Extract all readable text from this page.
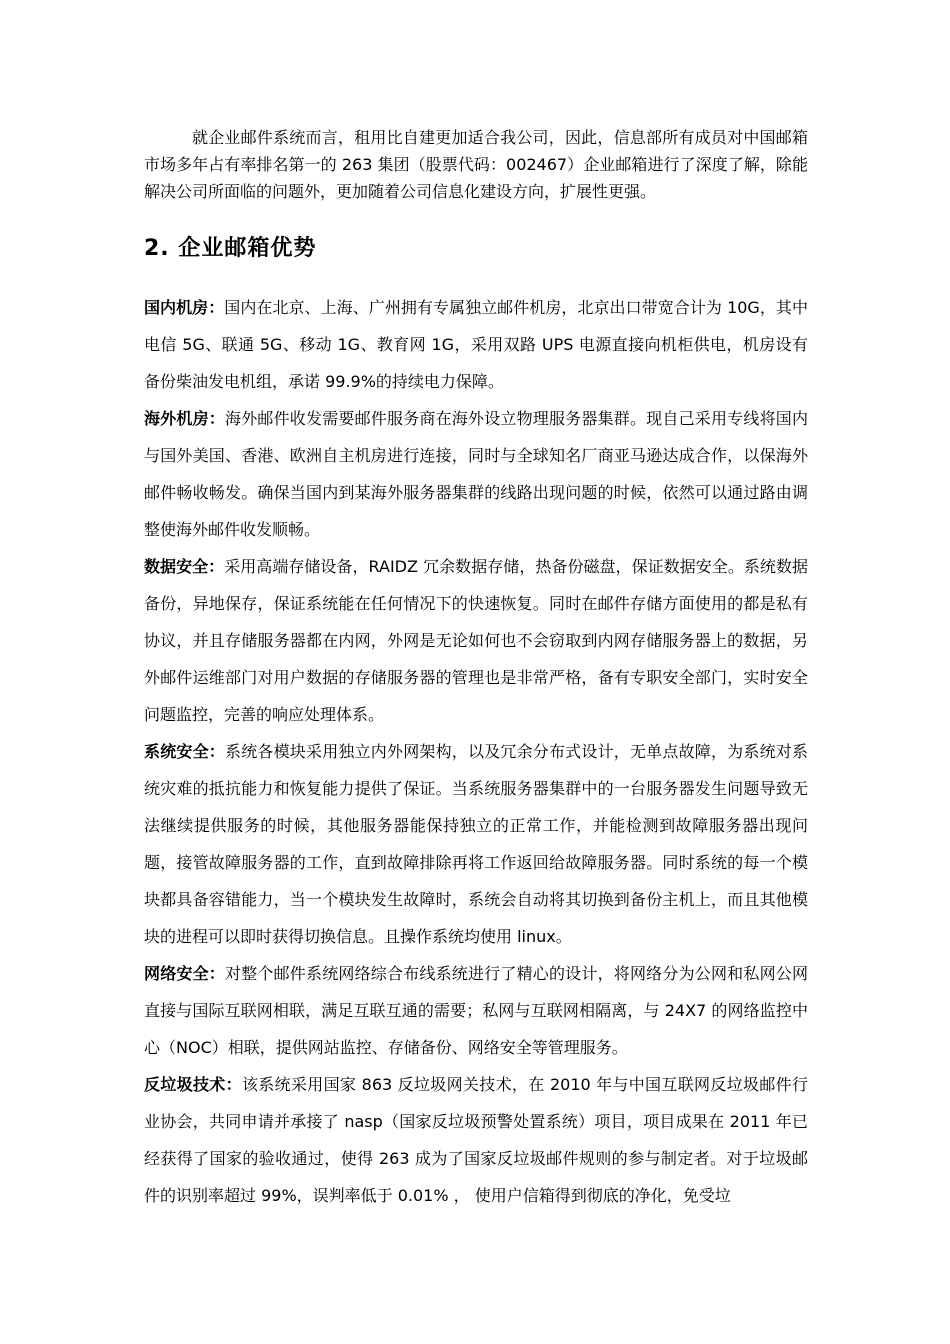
就企业邮件系统而言，租用比自建更加适合我公司，因此，信息部所有成员对中国邮箱市场多年占有率排名第一的 263 集团（股票代码：002467）企业邮箱进行了深度了解，除能解决公司所面临的问题外，更加随着公司信息化建设方向，扩展性更强。

2. 企业邮箱优势

国内机房：国内在北京、上海、广州拥有专属独立邮件机房，北京出口带宽合计为 10G，其中电信 5G、联通 5G、移动 1G、教育网 1G，采用双路 UPS 电源直接向机柜供电，机房设有备份柴油发电机组，承诺 99.9%的持续电力保障。

海外机房：海外邮件收发需要邮件服务商在海外设立物理服务器集群。现自己采用专线将国内与国外美国、香港、欧洲自主机房进行连接，同时与全球知名厂商亚马逊达成合作，以保海外邮件畅收畅发。确保当国内到某海外服务器集群的线路出现问题的时候，依然可以通过路由调整使海外邮件收发顺畅。

数据安全：采用高端存储设备，RAIDZ 冗余数据存储，热备份磁盘，保证数据安全。系统数据备份，异地保存，保证系统能在任何情况下的快速恢复。同时在邮件存储方面使用的都是私有协议，并且存储服务器都在内网，外网是无论如何也不会窃取到内网存储服务器上的数据，另外邮件运维部门对用户数据的存储服务器的管理也是非常严格，备有专职安全部门，实时安全问题监控，完善的响应处理体系。

系统安全：系统各模块采用独立内外网架构，以及冗余分布式设计，无单点故障，为系统对系统灾难的抵抗能力和恢复能力提供了保证。当系统服务器集群中的一台服务器发生问题导致无法继续提供服务的时候，其他服务器能保持独立的正常工作，并能检测到故障服务器出现问题，接管故障服务器的工作，直到故障排除再将工作返回给故障服务器。同时系统的每一个模块都具备容错能力，当一个模块发生故障时，系统会自动将其切换到备份主机上，而且其他模块的进程可以即时获得切换信息。且操作系统均使用 linux。

网络安全：对整个邮件系统网络综合布线系统进行了精心的设计，将网络分为公网和私网公网直接与国际互联网相联，满足互联互通的需要；私网与互联网相隔离，与 24X7 的网络监控中心（NOC）相联，提供网站监控、存储备份、网络安全等管理服务。

反垃圾技术：该系统采用国家 863 反垃圾网关技术，在 2010 年与中国互联网反垃圾邮件行业协会，共同申请并承接了 nasp（国家反垃圾预警处置系统）项目，项目成果在 2011 年已经获得了国家的验收通过，使得 263 成为了国家反垃圾邮件规则的参与制定者。对于垃圾邮件的识别率超过 99%，误判率低于 0.01% ， 使用户信箱得到彻底的净化，免受垃
